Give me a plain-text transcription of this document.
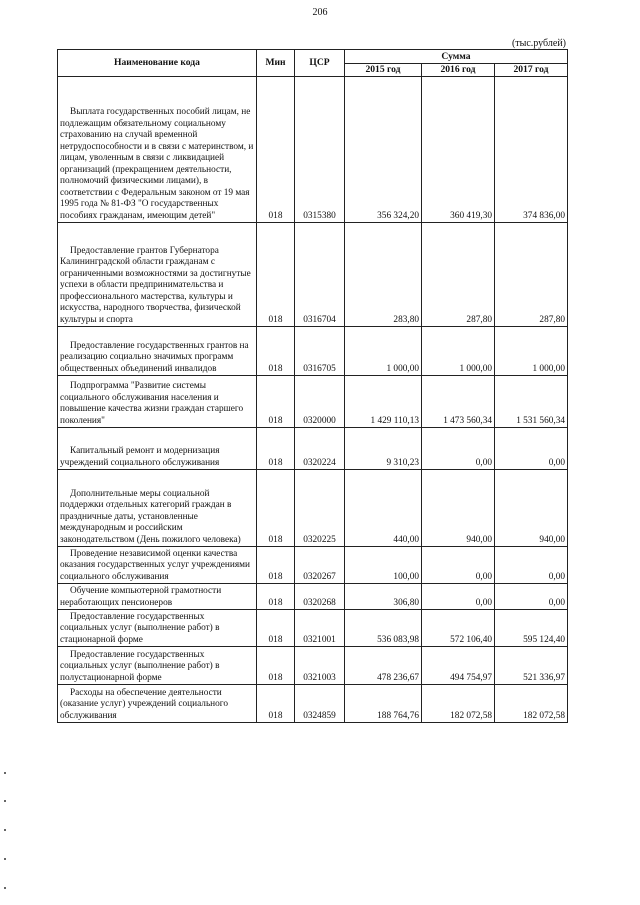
206
(тыс.рублей)
Наименование кода	Мин	ЦСР	Сумма		
			2015 год	2016 год	2017 год
Выплата государственных пособий лицам, не подлежащим обязательному социальному страхованию на случай временной нетрудоспособности и в связи с материнством, и лицам, уволенным в связи с ликвидацией организаций (прекращением деятельности, полномочий физическими лицами), в соответствии с Федеральным законом от 19 мая 1995 года № 81-ФЗ "О государственных пособиях гражданам, имеющим детей"	018	0315380	356 324,20	360 419,30	374 836,00
Предоставление грантов Губернатора Калининградской области гражданам с ограниченными возможностями за достигнутые успехи в области предпринимательства и профессионального мастерства, культуры и искусства, народного творчества, физической культуры и спорта	018	0316704	283,80	287,80	287,80
Предоставление государственных грантов на реализацию социально значимых программ общественных объединений инвалидов	018	0316705	1 000,00	1 000,00	1 000,00
Подпрограмма "Развитие системы социального обслуживания населения и повышение качества жизни граждан старшего поколения"	018	0320000	1 429 110,13	1 473 560,34	1 531 560,34
Капитальный ремонт и модернизация учреждений социального обслуживания	018	0320224	9 310,23	0,00	0,00
Дополнительные меры социальной поддержки отдельных категорий граждан в праздничные даты, установленные международным и российским законодательством (День пожилого человека)	018	0320225	440,00	940,00	940,00
Проведение независимой оценки качества оказания государственных услуг учреждениями социального обслуживания	018	0320267	100,00	0,00	0,00
Обучение компьютерной грамотности неработающих пенсионеров	018	0320268	306,80	0,00	0,00
Предоставление государственных социальных услуг (выполнение работ) в стационарной форме	018	0321001	536 083,98	572 106,40	595 124,40
Предоставление государственных социальных услуг (выполнение работ) в полустационарной форме	018	0321003	478 236,67	494 754,97	521 336,97
Расходы на обеспечение деятельности (оказание услуг) учреждений социального обслуживания	018	0324859	188 764,76	182 072,58	182 072,58
